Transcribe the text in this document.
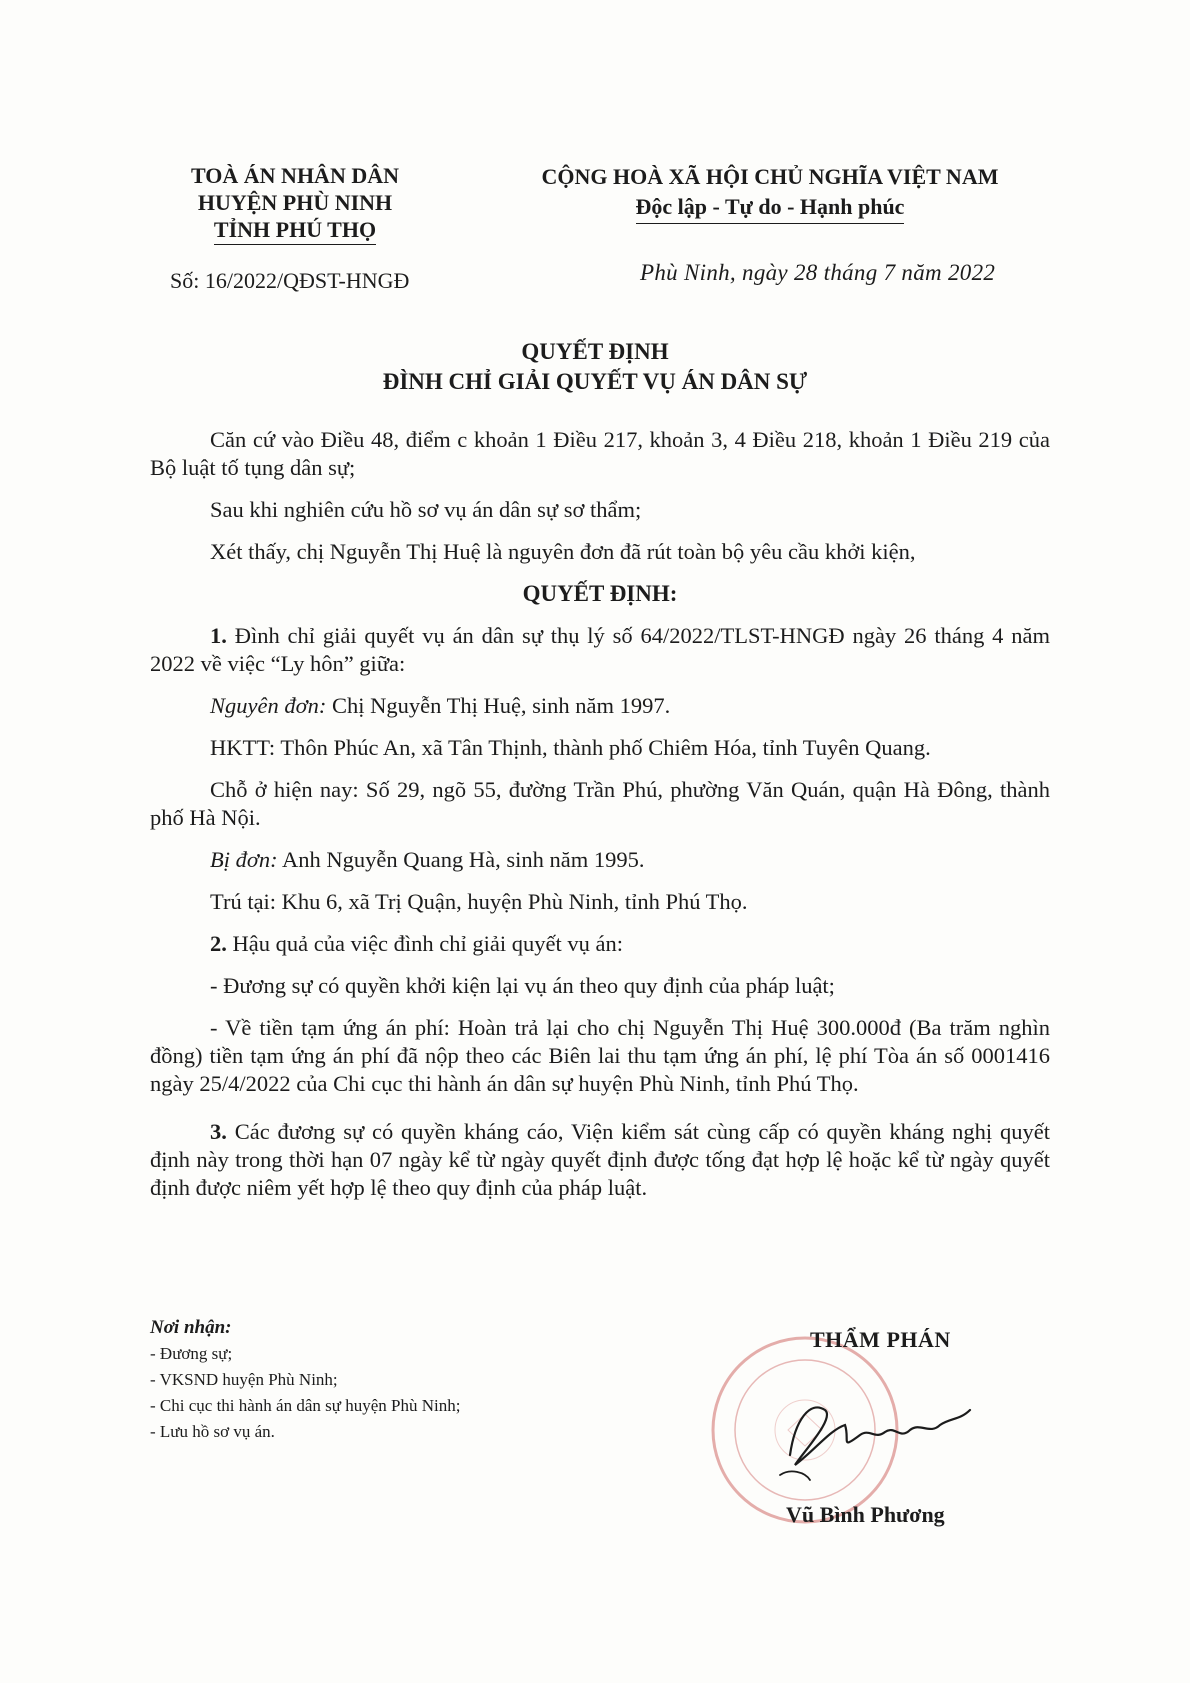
TOÀ ÁN NHÂN DÂN
HUYỆN PHÙ NINH
TỈNH PHÚ THỌ
CỘNG HOÀ XÃ HỘI CHỦ NGHĨA VIỆT NAM
Độc lập - Tự do - Hạnh phúc
Số: 16/2022/QĐST-HNGĐ	Phù Ninh, ngày 28 tháng 7 năm 2022
QUYẾT ĐỊNH
ĐÌNH CHỈ GIẢI QUYẾT VỤ ÁN DÂN SỰ

Căn cứ vào Điều 48, điểm c khoản 1 Điều 217, khoản 3, 4 Điều 218, khoản 1 Điều 219 của Bộ luật tố tụng dân sự;

Sau khi nghiên cứu hồ sơ vụ án dân sự sơ thẩm;

Xét thấy, chị Nguyễn Thị Huệ là nguyên đơn đã rút toàn bộ yêu cầu khởi kiện,

QUYẾT ĐỊNH:

1. Đình chỉ giải quyết vụ án dân sự thụ lý số 64/2022/TLST-HNGĐ ngày 26 tháng 4 năm 2022 về việc “Ly hôn” giữa:

Nguyên đơn: Chị Nguyễn Thị Huệ, sinh năm 1997.

HKTT: Thôn Phúc An, xã Tân Thịnh, thành phố Chiêm Hóa, tỉnh Tuyên Quang.

Chỗ ở hiện nay: Số 29, ngõ 55, đường Trần Phú, phường Văn Quán, quận Hà Đông, thành phố Hà Nội.

Bị đơn: Anh Nguyễn Quang Hà, sinh năm 1995.

Trú tại: Khu 6, xã Trị Quận, huyện Phù Ninh, tỉnh Phú Thọ.

2. Hậu quả của việc đình chỉ giải quyết vụ án:

- Đương sự có quyền khởi kiện lại vụ án theo quy định của pháp luật;

- Về tiền tạm ứng án phí: Hoàn trả lại cho chị Nguyễn Thị Huệ 300.000đ (Ba trăm nghìn đồng) tiền tạm ứng án phí đã nộp theo các Biên lai thu tạm ứng án phí, lệ phí Tòa án số 0001416 ngày 25/4/2022 của Chi cục thi hành án dân sự huyện Phù Ninh, tỉnh Phú Thọ.

3. Các đương sự có quyền kháng cáo, Viện kiểm sát cùng cấp có quyền kháng nghị quyết định này trong thời hạn 07 ngày kể từ ngày quyết định được tống đạt hợp lệ hoặc kể từ ngày quyết định được niêm yết hợp lệ theo quy định của pháp luật.

Nơi nhận:
- Đương sự;
- VKSND huyện Phù Ninh;
- Chi cục thi hành án dân sự huyện Phù Ninh;
- Lưu hồ sơ vụ án.
THẨM PHÁN
Vũ Bình Phương
